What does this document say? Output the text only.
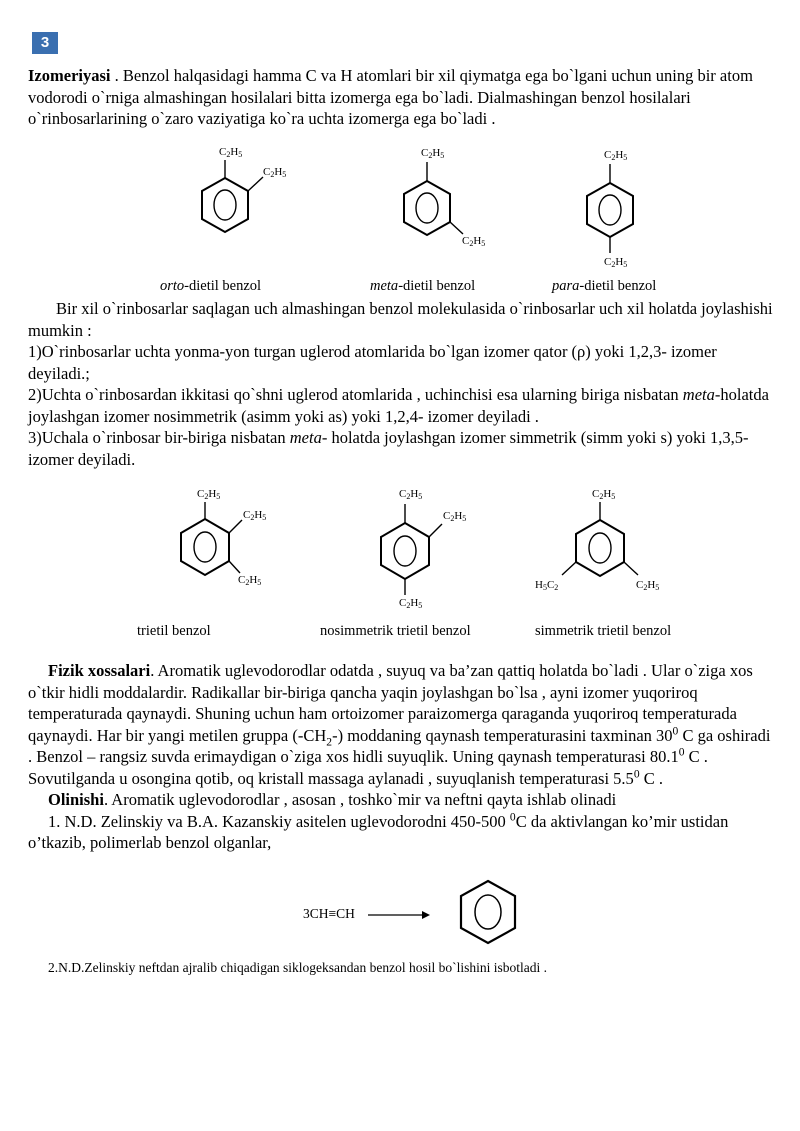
3

Izomeriyasi . Benzol halqasidagi hamma C va H atomlari bir xil qiymatga ega bo`lgani uchun uning bir atom vodorodi o`rniga almashingan hosilalari bitta izomerga ega bo`ladi. Dialmashingan benzol hosilalari o`rinbosarlarining o`zaro vaziyatiga ko`ra uchta izomerga ega bo`ladi .

C2H5
C2H5
C2H5
C2H5
C2H5
C2H5
orto-dietil benzol	meta-dietil benzol	para-dietil benzol

Bir xil o`rinbosarlar saqlagan uch almashingan benzol molekulasida o`rinbosarlar uch xil holatda joylashishi mumkin :

1)O`rinbosarlar uchta yonma-yon turgan uglerod atomlarida bo`lgan izomer qator (ρ) yoki 1,2,3- izomer deyiladi.;

2)Uchta o`rinbosardan ikkitasi qo`shni uglerod atomlarida , uchinchisi esa ularning biriga nisbatan meta-holatda joylashgan izomer nosimmetrik (asimm yoki as) yoki 1,2,4- izomer deyiladi .

3)Uchala o`rinbosar bir-biriga nisbatan meta- holatda joylashgan izomer simmetrik (simm yoki s) yoki 1,3,5- izomer deyiladi.

C2H5
C2H5
C2H5
C2H5
C2H5
C2H5
C2H5
C2H5
H5C2
trietil benzol	nosimmetrik trietil benzol	simmetrik trietil benzol

Fizik xossalari. Aromatik uglevodorodlar odatda , suyuq va ba’zan qattiq holatda bo`ladi . Ular o`ziga xos o`tkir hidli moddalardir. Radikallar bir-biriga qancha yaqin joylashgan bo`lsa , ayni izomer yuqoriroq temperaturada qaynaydi. Shuning uchun ham ortoizomer paraizomerga qaraganda yuqoriroq temperaturada qaynaydi. Har bir yangi metilen gruppa $(-CH_2-)$ moddaning qaynash temperaturasini taxminan $30^0$ C ga oshiradi . Benzol – rangsiz suvda erimaydigan o`ziga xos hidli suyuqlik. Uning qaynash temperaturasi 80.1$^0$ C . Sovutilganda u osongina qotib, oq kristall massaga aylanadi , suyuqlanish temperaturasi $5.5^0$ C .

Olinishi. Aromatik uglevodorodlar , asosan , toshko`mir va neftni qayta ishlab olinadi

1. N.D. Zelinskiy va B.A. Kazanskiy asitelen uglevodorodni 450-500 $^0$C da aktivlangan ko’mir ustidan o’tkazib, polimerlab benzol olganlar,

3CH≡CH
2.N.D.Zelinskiy neftdan ajralib chiqadigan siklogeksandan benzol hosil bo`lishini isbotladi .
